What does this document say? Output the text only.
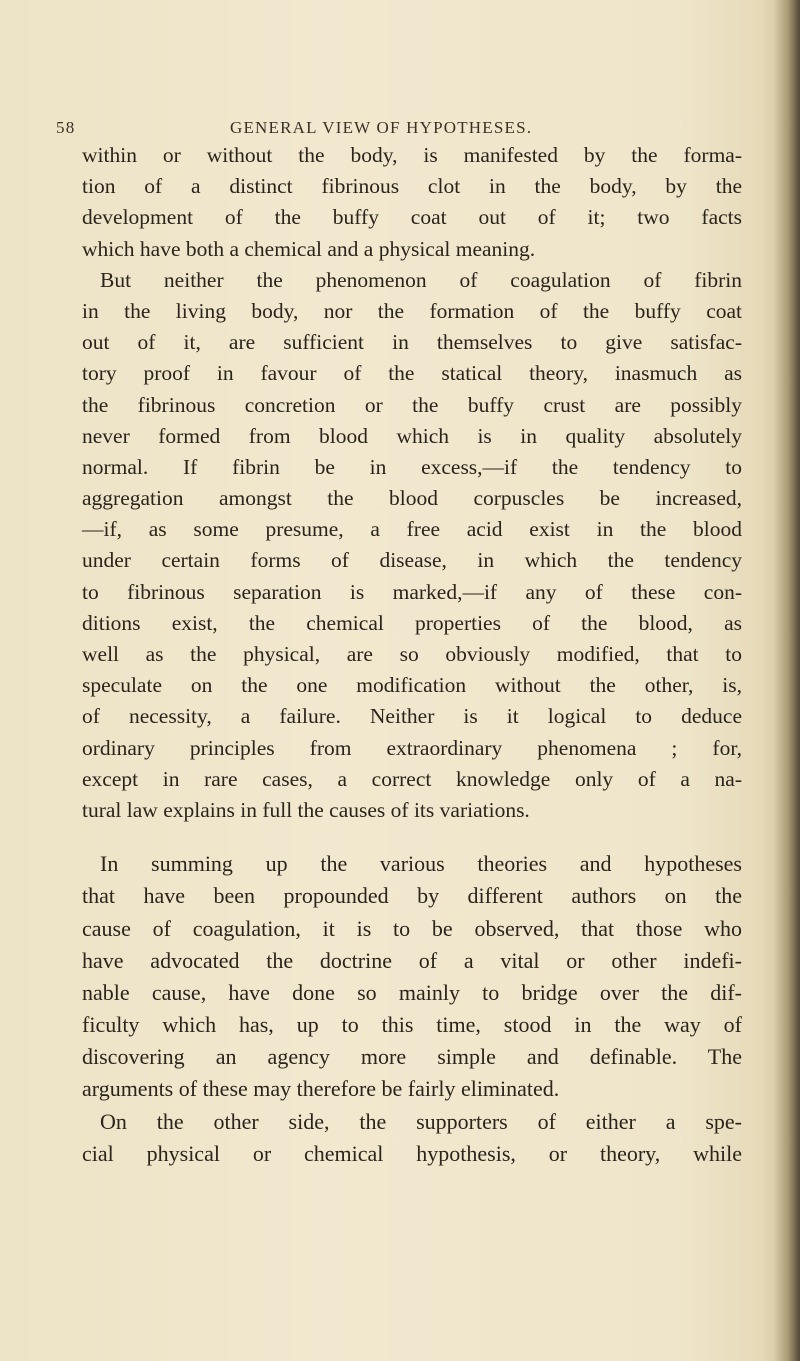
58	GENERAL VIEW OF HYPOTHESES.
within or without the body, is manifested by the forma-
tion of a distinct fibrinous clot in the body, by the
development of the buffy coat out of it; two facts
which have both a chemical and a physical meaning.
But neither the phenomenon of coagulation of fibrin
in the living body, nor the formation of the buffy coat
out of it, are sufficient in themselves to give satisfac-
tory proof in favour of the statical theory, inasmuch as
the fibrinous concretion or the buffy crust are possibly
never formed from blood which is in quality absolutely
normal. If fibrin be in excess,—if the tendency to
aggregation amongst the blood corpuscles be increased,
—if, as some presume, a free acid exist in the blood
under certain forms of disease, in which the tendency
to fibrinous separation is marked,—if any of these con-
ditions exist, the chemical properties of the blood, as
well as the physical, are so obviously modified, that to
speculate on the one modification without the other, is,
of necessity, a failure. Neither is it logical to deduce
ordinary principles from extraordinary phenomena ; for,
except in rare cases, a correct knowledge only of a na-
tural law explains in full the causes of its variations.
In summing up the various theories and hypotheses
that have been propounded by different authors on the
cause of coagulation, it is to be observed, that those who
have advocated the doctrine of a vital or other indefi-
nable cause, have done so mainly to bridge over the dif-
ficulty which has, up to this time, stood in the way of
discovering an agency more simple and definable. The
arguments of these may therefore be fairly eliminated.
On the other side, the supporters of either a spe-
cial physical or chemical hypothesis, or theory, while
